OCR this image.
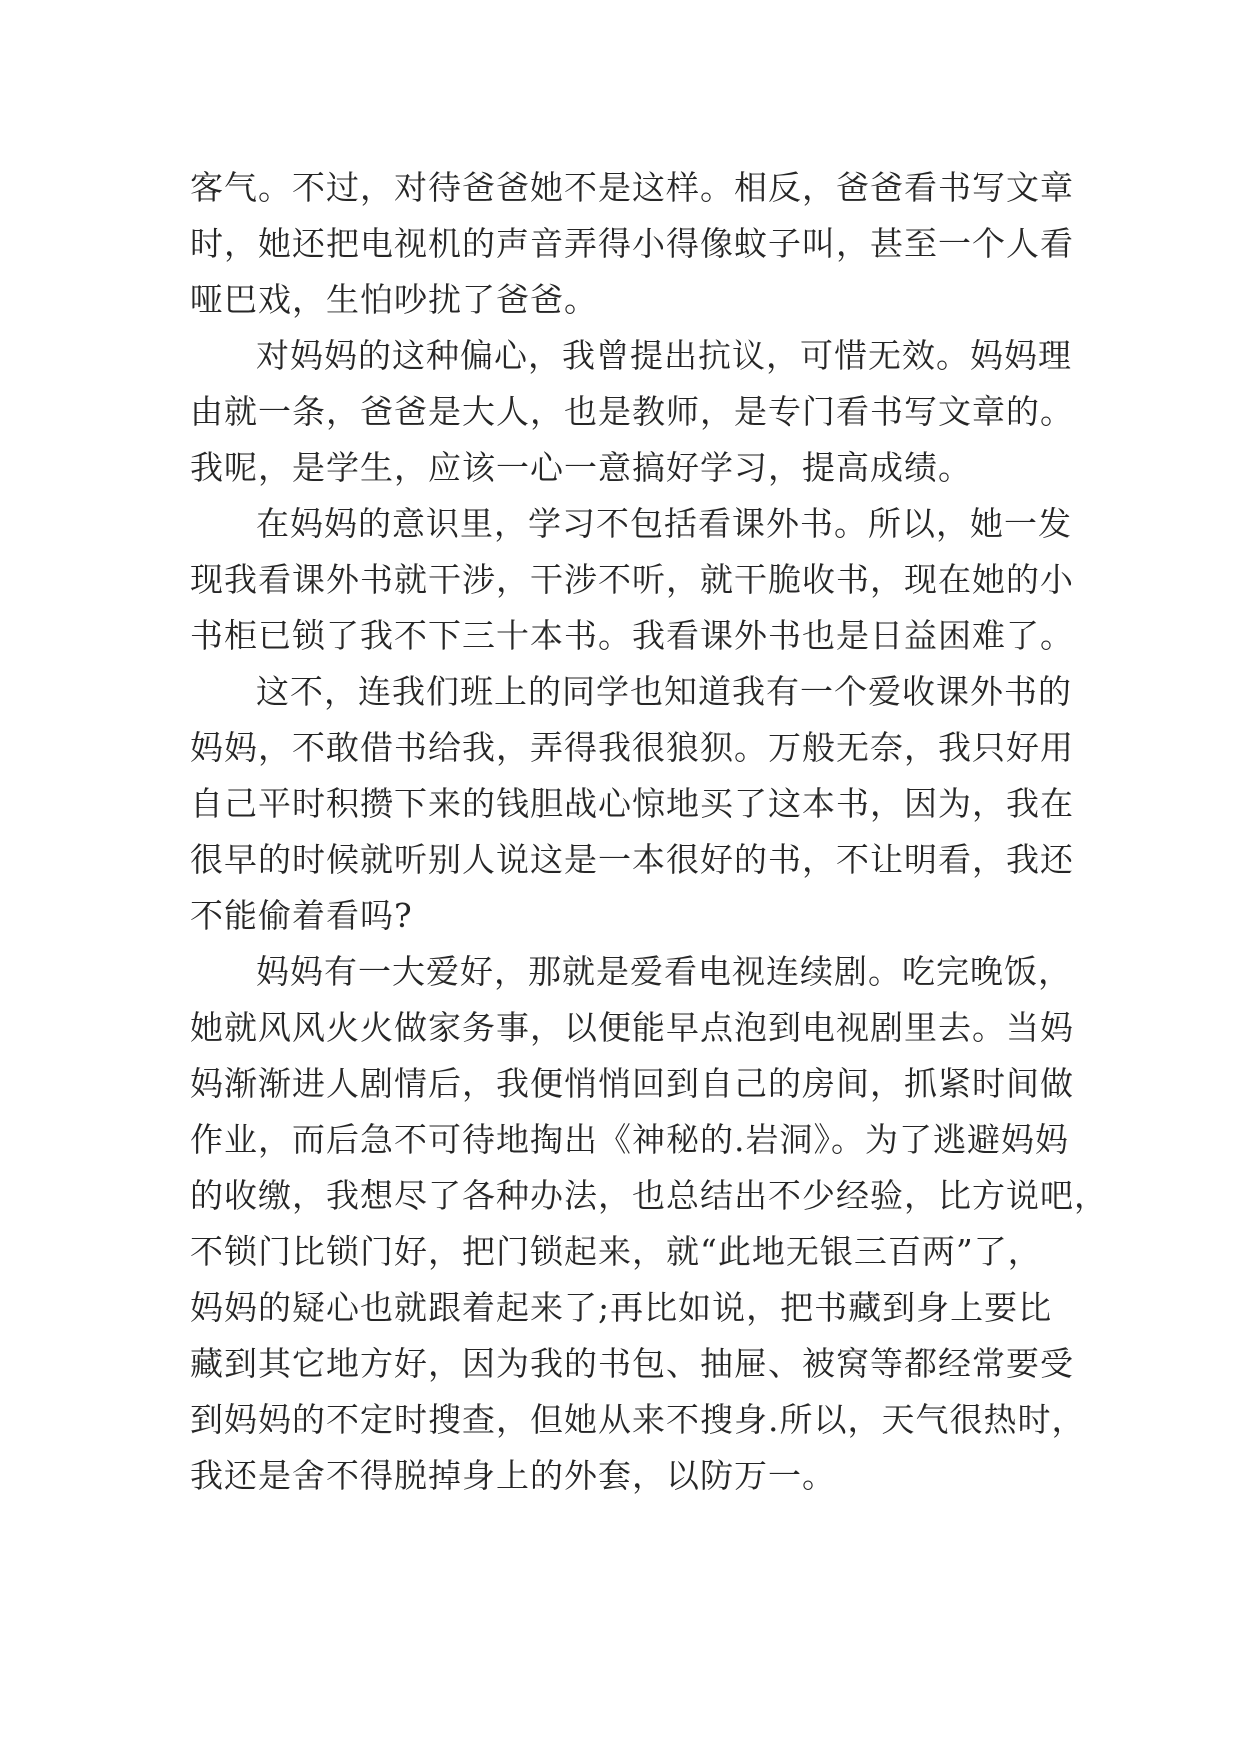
客气。不过，对待爸爸她不是这样。相反，爸爸看书写文章
时，她还把电视机的声音弄得小得像蚊子叫，甚至一个人看
哑巴戏，生怕吵扰了爸爸。
对妈妈的这种偏心，我曾提出抗议，可惜无效。妈妈理
由就一条，爸爸是大人，也是教师，是专门看书写文章的。
我呢，是学生，应该一心一意搞好学习，提高成绩。
在妈妈的意识里，学习不包括看课外书。所以，她一发
现我看课外书就干涉，干涉不听，就干脆收书，现在她的小
书柜已锁了我不下三十本书。我看课外书也是日益困难了。
这不，连我们班上的同学也知道我有一个爱收课外书的
妈妈，不敢借书给我，弄得我很狼狈。万般无奈，我只好用
自己平时积攒下来的钱胆战心惊地买了这本书，因为，我在
很早的时候就听别人说这是一本很好的书，不让明看，我还
不能偷着看吗?
妈妈有一大爱好，那就是爱看电视连续剧。吃完晚饭，
她就风风火火做家务事，以便能早点泡到电视剧里去。当妈
妈渐渐进人剧情后，我便悄悄回到自己的房间，抓紧时间做
作业，而后急不可待地掏出《神秘的.岩洞》。为了逃避妈妈
的收缴，我想尽了各种办法，也总结出不少经验，比方说吧，
不锁门比锁门好，把门锁起来，就“此地无银三百两”了，
妈妈的疑心也就跟着起来了;再比如说，把书藏到身上要比
藏到其它地方好，因为我的书包、抽屉、被窝等都经常要受
到妈妈的不定时搜查，但她从来不搜身.所以，天气很热时，
我还是舍不得脱掉身上的外套，以防万一。
